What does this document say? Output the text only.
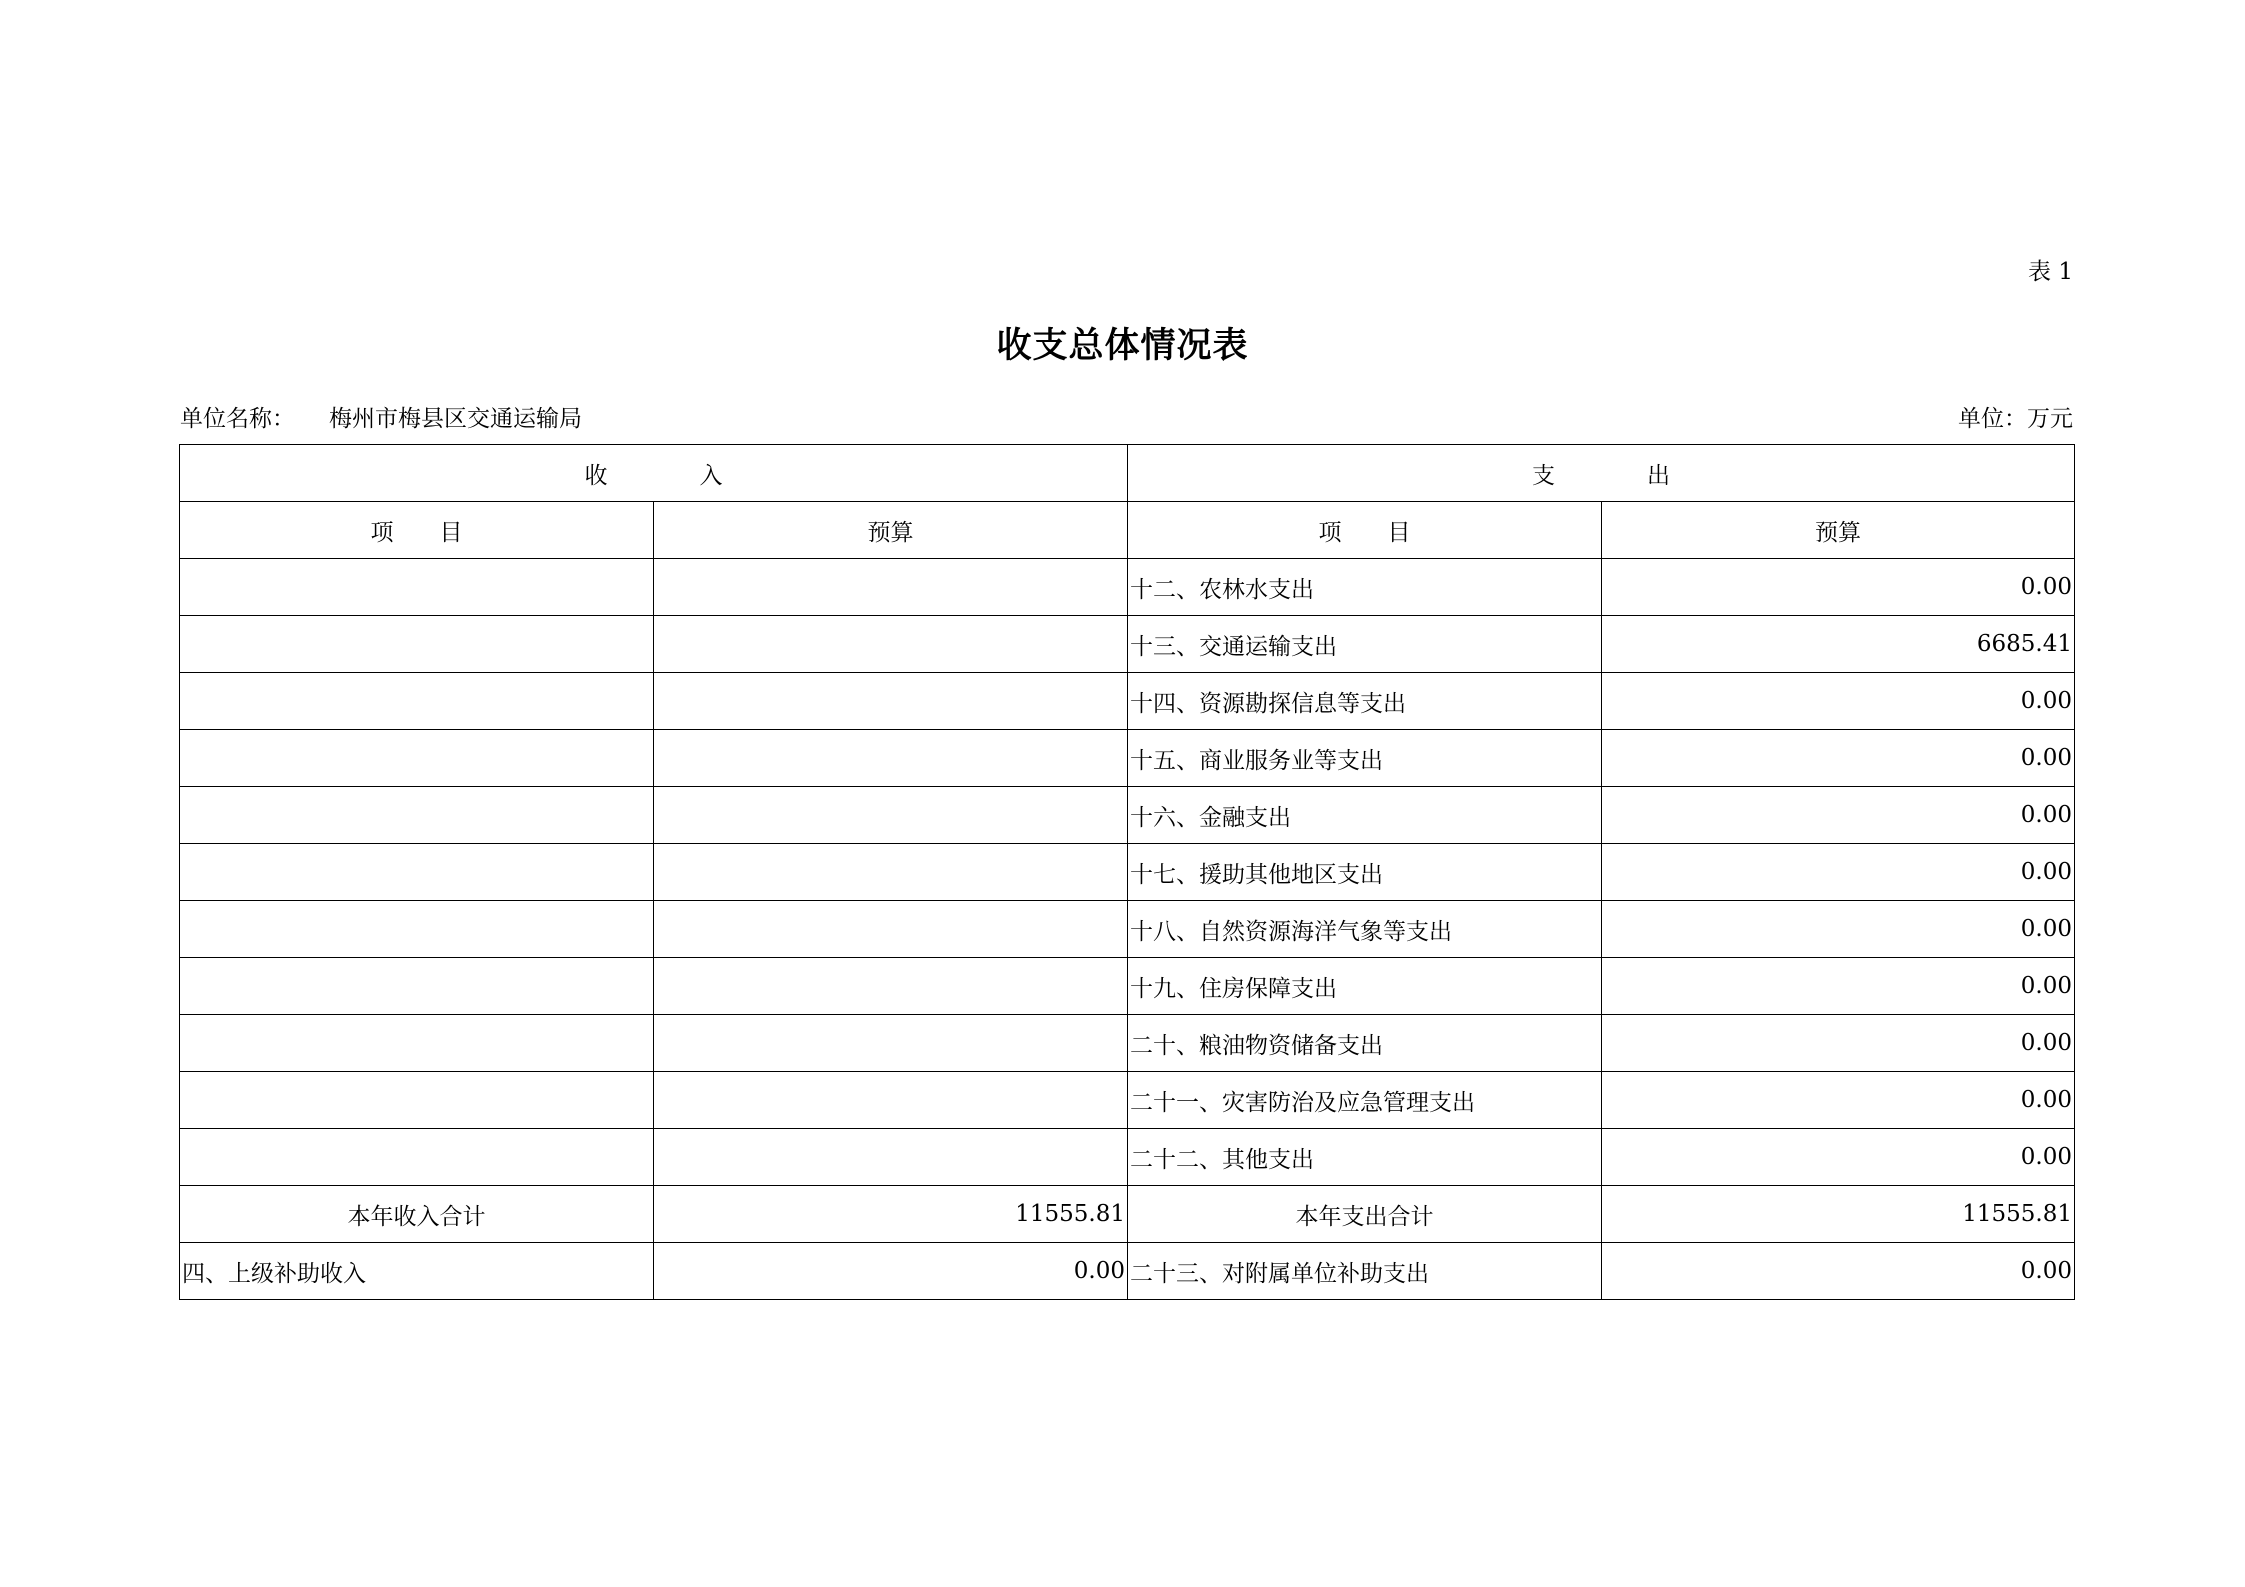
表 1
收支总体情况表
单位名称： 梅州市梅县区交通运输局	单位：万元
收　　　　入		支　　　　出	
项　　目	预算	项　　目	预算
		十二、农林水支出	0.00
		十三、交通运输支出	6685.41
		十四、资源勘探信息等支出	0.00
		十五、商业服务业等支出	0.00
		十六、金融支出	0.00
		十七、援助其他地区支出	0.00
		十八、自然资源海洋气象等支出	0.00
		十九、住房保障支出	0.00
		二十、粮油物资储备支出	0.00
		二十一、灾害防治及应急管理支出	0.00
		二十二、其他支出	0.00
本年收入合计	11555.81	本年支出合计	11555.81
四、上级补助收入	0.00	二十三、对附属单位补助支出	0.00
